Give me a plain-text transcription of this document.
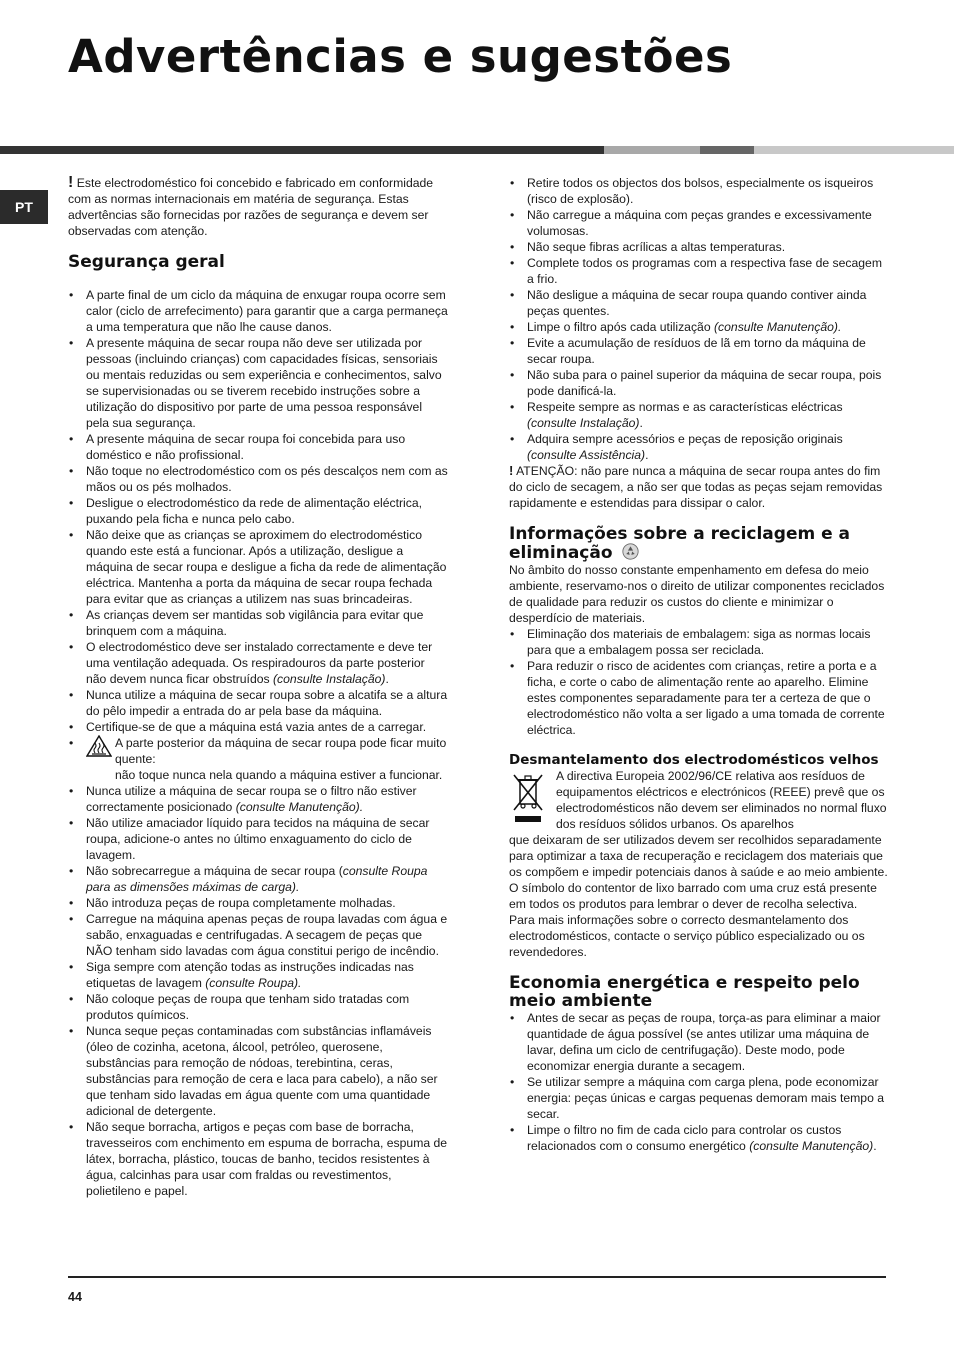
Advertências e sugestões
PT

! Este electrodoméstico foi concebido e fabricado em conformidade com as normas internacionais em matéria de segurança. Estas advertências são fornecidas por razões de segurança e devem ser observadas com atenção.

Segurança geral
• A parte final de um ciclo da máquina de enxugar roupa ocorre sem calor (ciclo de arrefecimento) para garantir que a carga permaneça a uma temperatura que não lhe cause danos.
• A presente máquina de secar roupa não deve ser utilizada por pessoas (incluindo crianças) com capacidades físicas, sensoriais ou mentais reduzidas ou sem experiência e conhecimentos, salvo se supervisionadas ou se tiverem recebido instruções sobre a utilização do dispositivo por parte de uma pessoa responsável pela sua segurança.
• A presente máquina de secar roupa foi concebida para uso doméstico e não profissional.
• Não toque no electrodoméstico com os pés descalços nem com as mãos ou os pés molhados.
• Desligue o electrodoméstico da rede de alimentação eléctrica, puxando pela ficha e nunca pelo cabo.
• Não deixe que as crianças se aproximem do electrodoméstico quando este está a funcionar. Após a utilização, desligue a máquina de secar roupa e desligue a ficha da rede de alimentação eléctrica. Mantenha a porta da máquina de secar roupa fechada para evitar que as crianças a utilizem nas suas brincadeiras.
• As crianças devem ser mantidas sob vigilância para evitar que brinquem com a máquina.
• O electrodoméstico deve ser instalado correctamente e deve ter uma ventilação adequada. Os respiradouros da parte posterior não devem nunca ficar obstruídos (consulte Instalação).
• Nunca utilize a máquina de secar roupa sobre a alcatifa se a altura do pêlo impedir a entrada do ar pela base da máquina.
• Certifique-se de que a máquina está vazia antes de a carregar.
• A parte posterior da máquina de secar roupa pode ficar muito quente:
não toque nunca nela quando a máquina estiver a funcionar.
• Nunca utilize a máquina de secar roupa se o filtro não estiver correctamente posicionado (consulte Manutenção).
• Não utilize amaciador líquido para tecidos na máquina de secar roupa, adicione-o antes no último enxaguamento do ciclo de lavagem.
• Não sobrecarregue a máquina de secar roupa (consulte Roupa para as dimensões máximas de carga).
• Não introduza peças de roupa completamente molhadas.
• Carregue na máquina apenas peças de roupa lavadas com água e sabão, enxaguadas e centrifugadas. A secagem de peças que NÃO tenham sido lavadas com água constitui perigo de incêndio.
• Siga sempre com atenção todas as instruções indicadas nas etiquetas de lavagem (consulte Roupa).
• Não coloque peças de roupa que tenham sido tratadas com produtos químicos.
• Nunca seque peças contaminadas com substâncias inflamáveis (óleo de cozinha, acetona, álcool, petróleo, querosene, substâncias para remoção de nódoas, terebintina, ceras, substâncias para remoção de cera e laca para cabelo), a não ser que tenham sido lavadas em água quente com uma quantidade adicional de detergente.
• Não seque borracha, artigos e peças com base de borracha, travesseiros com enchimento em espuma de borracha, espuma de látex, borracha, plástico, toucas de banho, tecidos resistentes à água, calcinhas para usar com fraldas ou revestimentos, polietileno e papel.
• Retire todos os objectos dos bolsos, especialmente os isqueiros (risco de explosão).
• Não carregue a máquina com peças grandes e excessivamente volumosas.
• Não seque fibras acrílicas a altas temperaturas.
• Complete todos os programas com a respectiva fase de secagem a frio.
• Não desligue a máquina de secar roupa quando contiver ainda peças quentes.
• Limpe o filtro após cada utilização (consulte Manutenção).
• Evite a acumulação de resíduos de lã em torno da máquina de secar roupa.
• Não suba para o painel superior da máquina de secar roupa, pois pode danificá-la.
• Respeite sempre as normas e as características eléctricas (consulte Instalação).
• Adquira sempre acessórios e peças de reposição originais (consulte Assistência).

! ATENÇÃO: não pare nunca a máquina de secar roupa antes do fim do ciclo de secagem, a não ser que todas as peças sejam removidas rapidamente e estendidas para dissipar o calor.

Informações sobre a reciclagem e a eliminação

No âmbito do nosso constante empenhamento em defesa do meio ambiente, reservamo-nos o direito de utilizar componentes reciclados de qualidade para reduzir os custos do cliente e minimizar o desperdício de materiais.

• Eliminação dos materiais de embalagem: siga as normas locais para que a embalagem possa ser reciclada.
• Para reduzir o risco de acidentes com crianças, retire a porta e a ficha, e corte o cabo de alimentação rente ao aparelho. Elimine estes componentes separadamente para ter a certeza de que o electrodoméstico não volta a ser ligado a uma tomada de corrente eléctrica.
Desmantelamento dos electrodomésticos velhos

A directiva Europeia 2002/96/CE relativa aos resíduos de equipamentos eléctricos e electrónicos (REEE) prevê que os electrodomésticos não devem ser eliminados no normal fluxo dos resíduos sólidos urbanos. Os aparelhos

que deixaram de ser utilizados devem ser recolhidos separadamente para optimizar a taxa de recuperação e reciclagem dos materiais que os compõem e impedir potenciais danos à saúde e ao meio ambiente. O símbolo do contentor de lixo barrado com uma cruz está presente em todos os produtos para lembrar o dever de recolha selectiva.

Para mais informações sobre o correcto desmantelamento dos electrodomésticos, contacte o serviço público especializado ou os revendedores.

Economia energética e respeito pelo meio ambiente
• Antes de secar as peças de roupa, torça-as para eliminar a maior quantidade de água possível (se antes utilizar uma máquina de lavar, defina um ciclo de centrifugação). Deste modo, pode economizar energia durante a secagem.
• Se utilizar sempre a máquina com carga plena, pode economizar energia: peças únicas e cargas pequenas demoram mais tempo a secar.
• Limpe o filtro no fim de cada ciclo para controlar os custos relacionados com o consumo energético (consulte Manutenção).
44
